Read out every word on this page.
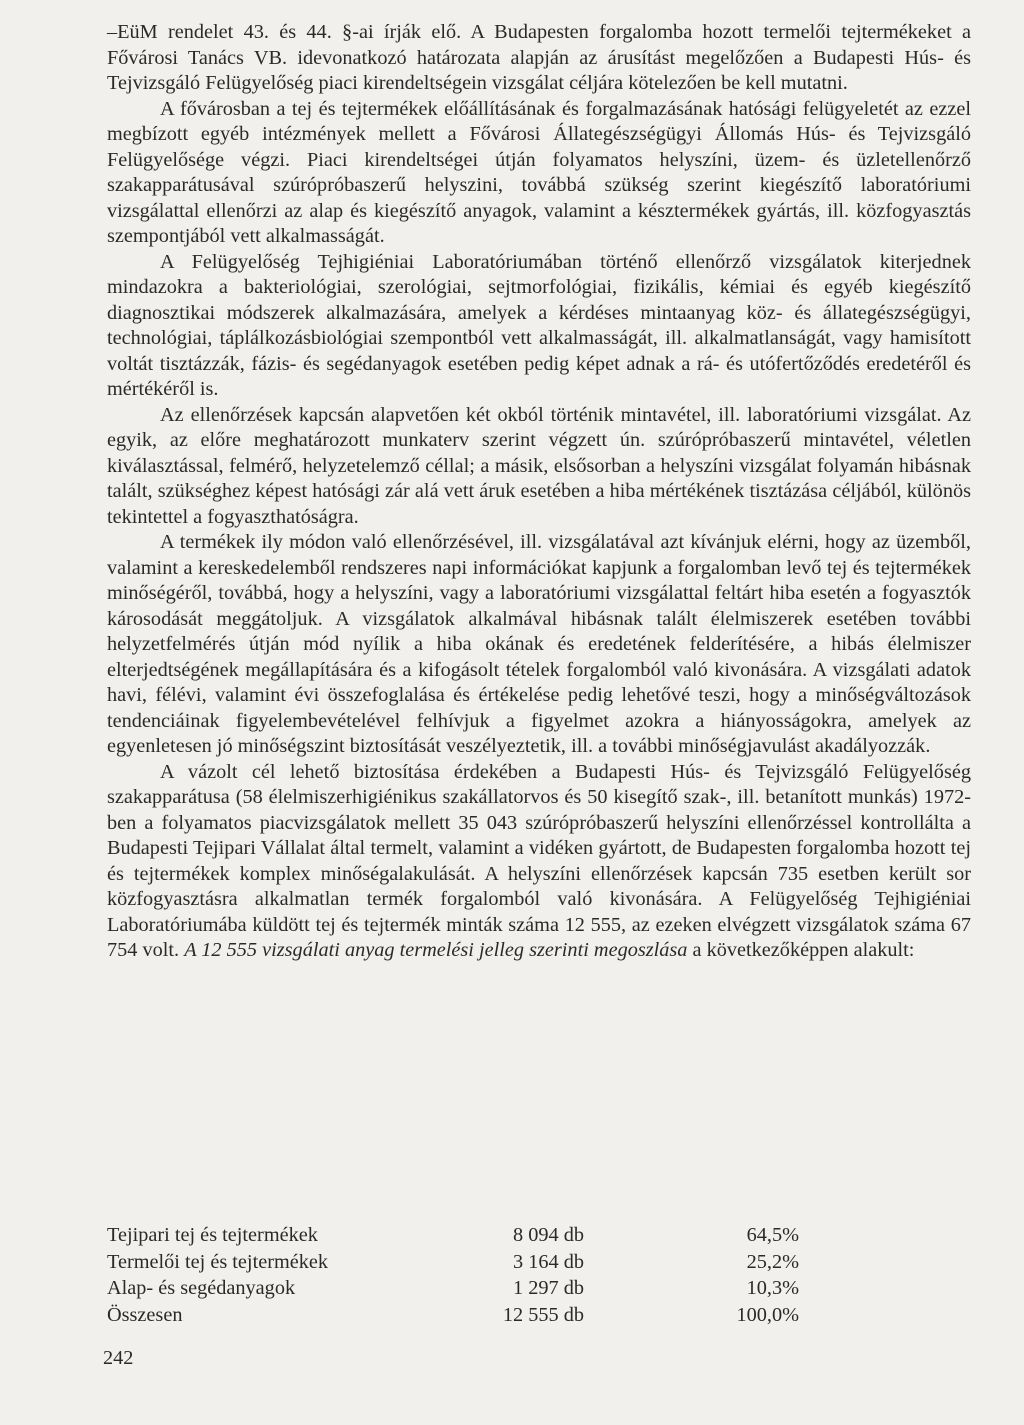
–EüM rendelet 43. és 44. §-ai írják elő. A Budapesten forgalomba hozott termelői tejtermékeket a Fővárosi Tanács VB. idevonatkozó határozata alapján az árusítást megelőzően a Budapesti Hús- és Tejvizsgáló Felügyelőség piaci kirendeltségein vizsgálat céljára kötelezően be kell mutatni.

A fővárosban a tej és tejtermékek előállításának és forgalmazásának hatósági felügyeletét az ezzel megbízott egyéb intézmények mellett a Fővárosi Állategészségügyi Állomás Hús- és Tejvizsgáló Felügyelősége végzi. Piaci kirendeltségei útján folyamatos helyszíni, üzem- és üzletellenőrző szakapparátusával szúrópróbaszerű helyszini, továbbá szükség szerint kiegészítő laboratóriumi vizsgálattal ellenőrzi az alap és kiegészítő anyagok, valamint a késztermékek gyártás, ill. közfogyasztás szempontjából vett alkalmasságát.

A Felügyelőség Tejhigiéniai Laboratóriumában történő ellenőrző vizsgálatok kiterjednek mindazokra a bakteriológiai, szerológiai, sejtmorfológiai, fizikális, kémiai és egyéb kiegészítő diagnosztikai módszerek alkalmazására, amelyek a kérdéses mintaanyag köz- és állategészségügyi, technológiai, táplálkozásbiológiai szempontból vett alkalmasságát, ill. alkalmatlanságát, vagy hamisított voltát tisztázzák, fázis- és segédanyagok esetében pedig képet adnak a rá- és utófertőződés eredetéről és mértékéről is.

Az ellenőrzések kapcsán alapvetően két okból történik mintavétel, ill. laboratóriumi vizsgálat. Az egyik, az előre meghatározott munkaterv szerint végzett ún. szúrópróbaszerű mintavétel, véletlen kiválasztással, felmérő, helyzetelemző céllal; a másik, elsősorban a helyszíni vizsgálat folyamán hibásnak talált, szükséghez képest hatósági zár alá vett áruk esetében a hiba mértékének tisztázása céljából, különös tekintettel a fogyaszthatóságra.

A termékek ily módon való ellenőrzésével, ill. vizsgálatával azt kívánjuk elérni, hogy az üzemből, valamint a kereskedelemből rendszeres napi információkat kapjunk a forgalomban levő tej és tejtermékek minőségéről, továbbá, hogy a helyszíni, vagy a laboratóriumi vizsgálattal feltárt hiba esetén a fogyasztók károsodását meggátoljuk. A vizsgálatok alkalmával hibásnak talált élelmiszerek esetében további helyzetfelmérés útján mód nyílik a hiba okának és eredetének felderítésére, a hibás élelmiszer elterjedtségének megállapítására és a kifogásolt tételek forgalomból való kivonására. A vizsgálati adatok havi, félévi, valamint évi összefoglalása és értékelése pedig lehetővé teszi, hogy a minőségváltozások tendenciáinak figyelembevételével felhívjuk a figyelmet azokra a hiányosságokra, amelyek az egyenletesen jó minőségszint biztosítását veszélyeztetik, ill. a további minőségjavulást akadályozzák.

A vázolt cél lehető biztosítása érdekében a Budapesti Hús- és Tejvizsgáló Felügyelőség szakapparátusa (58 élelmiszerhigiénikus szakállatorvos és 50 kisegítő szak-, ill. betanított munkás) 1972-ben a folyamatos piacvizsgálatok mellett 35 043 szúrópróbaszerű helyszíni ellenőrzéssel kontrollálta a Budapesti Tejipari Vállalat által termelt, valamint a vidéken gyártott, de Budapesten forgalomba hozott tej és tejtermékek komplex minőségalakulását. A helyszíni ellenőrzések kapcsán 735 esetben került sor közfogyasztásra alkalmatlan termék forgalomból való kivonására. A Felügyelőség Tejhigiéniai Laboratóriumába küldött tej és tejtermék minták száma 12 555, az ezeken elvégzett vizsgálatok száma 67 754 volt. A 12 555 vizsgálati anyag termelési jelleg szerinti megoszlása a következőképpen alakult:

Tejipari tej és tejtermékek	8 094 db	64,5%
Termelői tej és tejtermékek	3 164 db	25,2%
Alap- és segédanyagok	1 297 db	10,3%
Összesen	12 555 db	100,0%
242
